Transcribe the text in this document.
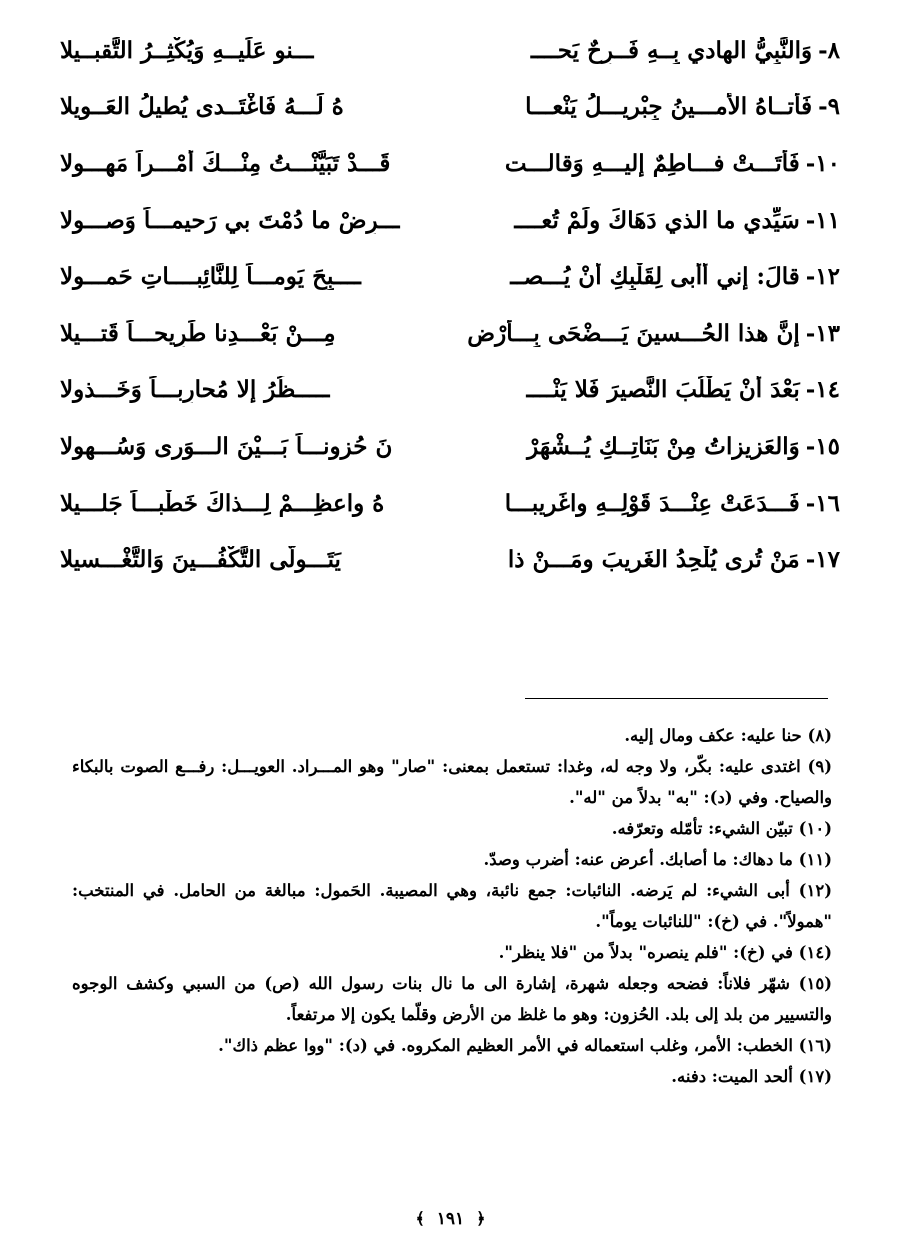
٨-وَالنَّبِيُّ الهادي بِــهِ فَــرِحٌ يَحــــ
ـــنو عَلَيــهِ وَيُكْثِــرُ التَّقبــيلا
٩-فَأَتــاهُ الأَمـــينُ جِبْريـــلُ يَنْعـــا
هُ لَـــهُ فَاغْتَــدى يُطيلُ العَــويلا
١٠-فَأَتَـــتْ فـــاطِمٌ إليـــهِ وَقالـــت
قَـــدْ تَبَيَّنْـــتُ مِنْـــكَ أَمْـــراً مَهـــولا
١١-سَيِّدي ما الذي دَهَاكَ ولَمْ تُعــــ
ـــرِضْ ما دُمْتَ بي رَحيمـــاً وَصـــولا
١٢-قالَ: إني أَأْبى لِقَلْبِكِ أَنْ يُـــصــ
ــــبِحَ يَومـــاً لِلنَّائِبــــاتِ حَمـــولا
١٣-إنَّ هذا الحُـــسينَ يَـــضْحَى بِـــأَرْضٍ
مِـــنْ بَعْـــدِنا طَرِيحـــاً قَتـــيلا
١٤-بَعْدَ أَنْ يَطْلُبَ النَّصيرَ فَلا يَنْــــ
ـــــظُرُ إلا مُحارِبـــاً وَخَـــذولا
١٥-وَالعَزيزاتُ مِنْ بَنَاتِــكِ يُــشْهَرْ
نَ حُزونـــاً بَـــيْنَ الـــوَرى وَسُـــهولا
١٦-فَـــدَعَتْ عِنْـــدَ قَوْلِــهِ واغَريبـــا
هُ واعظِـــمْ لِـــذاكَ خَطْبـــاً جَلـــيلا
١٧-مَنْ تُرى يُلْحِدُ الغَريبَ ومَـــنْ ذا
يَتَـــولّى التَّكْفُـــينَ وَالتَّغْـــسيلا

(٨) حنا عليه: عكف ومال إليه.

(٩) اغتدى عليه: بكّر، ولا وجه له، وغدا: تستعمل بمعنى: "صار" وهو المـــراد. العويـــل: رفـــع الصوت بالبكاء والصياح. وفي (د): "به" بدلاً من "له".

(١٠) تبيّن الشيء: تأمّله وتعرّفه.

(١١) ما دهاك: ما أصابك. أعرض عنه: أضرب وصدّ.

(١٢) أبى الشيء: لم يَرضه. النائبات: جمع نائبة، وهي المصيبة. الحَمول: مبالغة من الحامل. في المنتخب: "همولاً". في (خ): "للنائبات يوماً".

(١٤) في (خ): "فلم ينصره" بدلاً من "فلا ينظر".

(١٥) شهّر فلاناً: فضحه وجعله شهرة، إشارة الى ما نال بنات رسول الله (ص) من السبي وكشف الوجوه والتسيير من بلد إلى بلد. الحُزون: وهو ما غلظ من الأرض وقلّما يكون إلا مرتفعاً.

(١٦) الخطب: الأمر، وغلب استعماله في الأمر العظيم المكروه. في (د): "ووا عظم ذاك".

(١٧) ألحد الميت: دفنه.

﴿ ١٩١ ﴾
